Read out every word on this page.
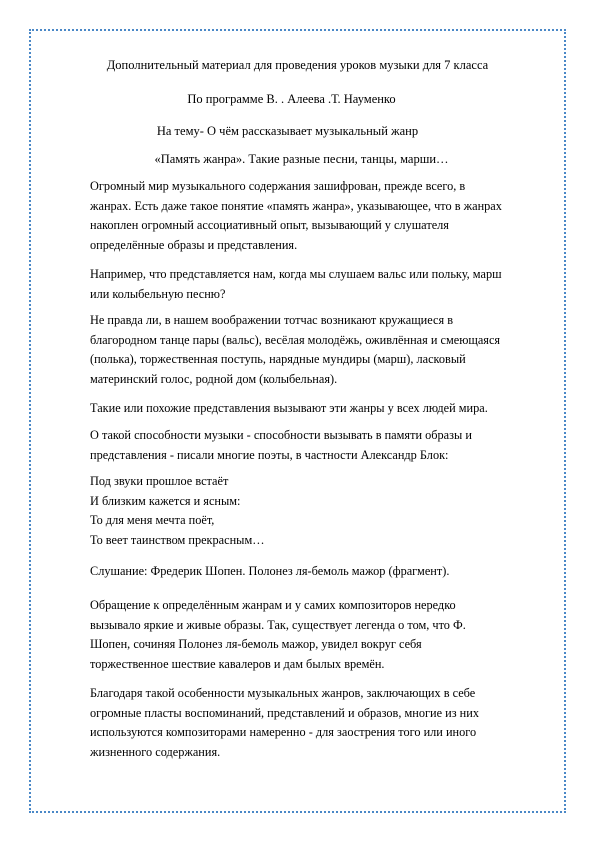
Дополнительный материал для проведения уроков музыки для 7 класса
По программе В. . Алеева .Т. Науменко
На тему- О чём рассказывает музыкальный жанр
«Память жанра». Такие разные песни, танцы, марши…

Огромный мир музыкального содержания зашифрован, прежде всего, в
жанрах. Есть даже такое понятие «память жанра», указывающее, что в жанрах
накоплен огромный ассоциативный опыт, вызывающий у слушателя
определённые образы и представления.

Например, что представляется нам, когда мы слушаем вальс или польку, марш
или колыбельную песню?

Не правда ли, в нашем воображении тотчас возникают кружащиеся в
благородном танце пары (вальс), весёлая молодёжь, оживлённая и смеющаяся
(полька), торжественная поступь, нарядные мундиры (марш), ласковый
материнский голос, родной дом (колыбельная).

Такие или похожие представления вызывают эти жанры у всех людей мира.

О такой способности музыки - способности вызывать в памяти образы и
представления - писали многие поэты, в частности Александр Блок:

Под звуки прошлое встаёт
И близким кажется и ясным:
То для меня мечта поёт,
То веет таинством прекрасным…

Слушание: Фредерик Шопен. Полонез ля-бемоль мажор (фрагмент).

Обращение к определённым жанрам и у самих композиторов нередко
вызывало яркие и живые образы. Так, существует легенда о том, что Ф.
Шопен, сочиняя Полонез ля-бемоль мажор, увидел вокруг себя
торжественное шествие кавалеров и дам былых времён.

Благодаря такой особенности музыкальных жанров, заключающих в себе
огромные пласты воспоминаний, представлений и образов, многие из них
используются композиторами намеренно - для заострения того или иного
жизненного содержания.
